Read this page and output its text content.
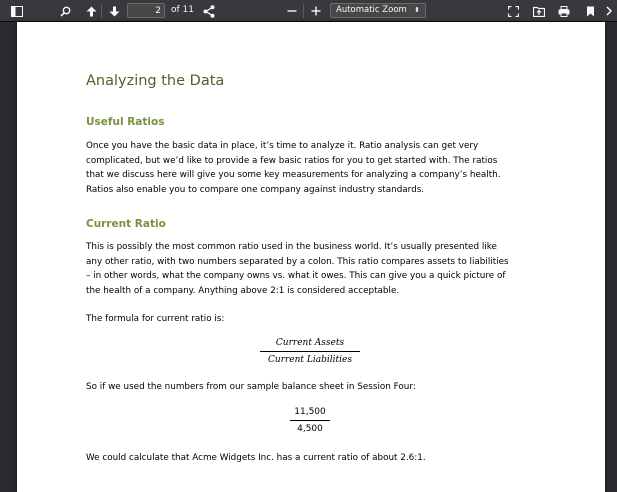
2
of 11	Automatic Zoom ⬍
Analyzing the Data
Useful Ratios

Once you have the basic data in place, it’s time to analyze it. Ratio analysis can get very

complicated, but we’d like to provide a few basic ratios for you to get started with. The ratios

that we discuss here will give you some key measurements for analyzing a company’s health.

Ratios also enable you to compare one company against industry standards.

Current Ratio

This is possibly the most common ratio used in the business world. It’s usually presented like

any other ratio, with two numbers separated by a colon. This ratio compares assets to liabilities

– in other words, what the company owns vs. what it owes. This can give you a quick picture of

the health of a company. Anything above 2:1 is considered acceptable.

The formula for current ratio is:

Current Assets
Current Liabilities

So if we used the numbers from our sample balance sheet in Session Four:

11,500
4,500

We could calculate that Acme Widgets Inc. has a current ratio of about 2.6:1.
